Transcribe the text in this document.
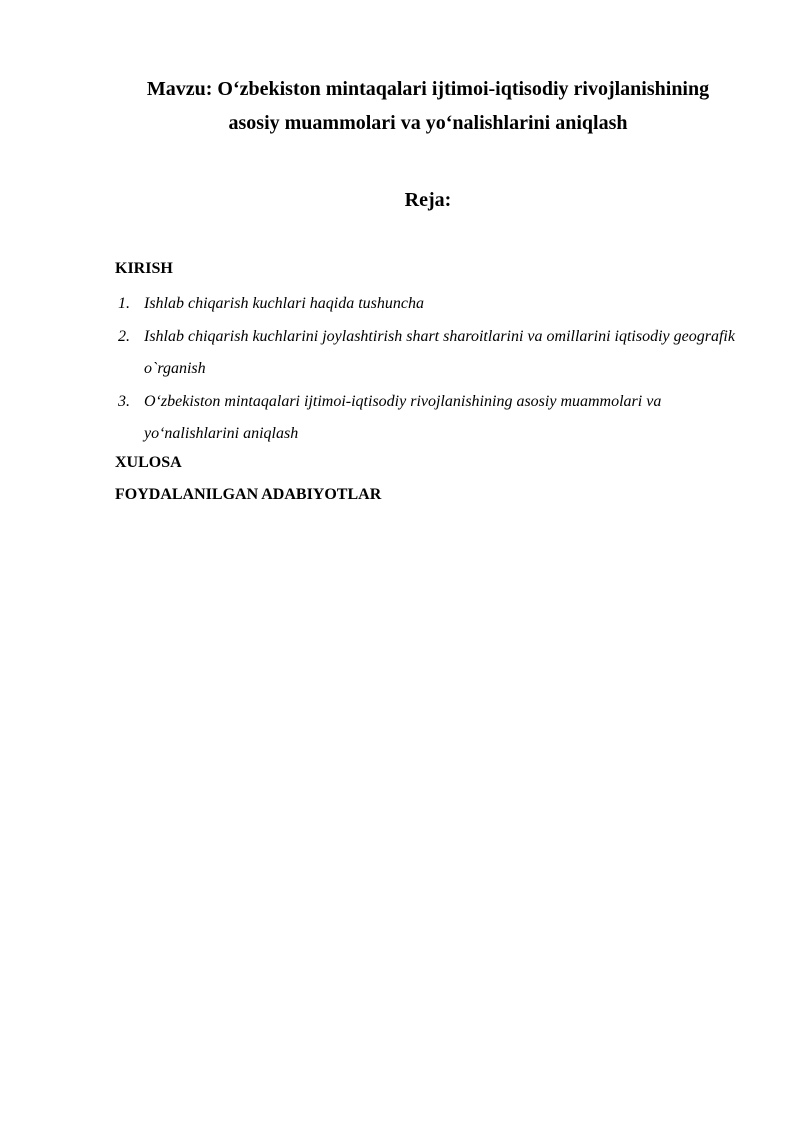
Mavzu: O‘zbekiston mintaqalari ijtimoi-iqtisodiy rivojlanishining
asosiy muammolari va yo‘nalishlarini aniqlash
Reja:

KIRISH

1. Ishlab chiqarish kuchlari haqida tushuncha
2. Ishlab chiqarish kuchlarini joylashtirish shart sharoitlarini va omillarini iqtisodiy geografik o`rganish
3. O‘zbekiston mintaqalari ijtimoi-iqtisodiy rivojlanishining asosiy muammolari va yo‘nalishlarini aniqlash

XULOSA

FOYDALANILGAN ADABIYOTLAR
